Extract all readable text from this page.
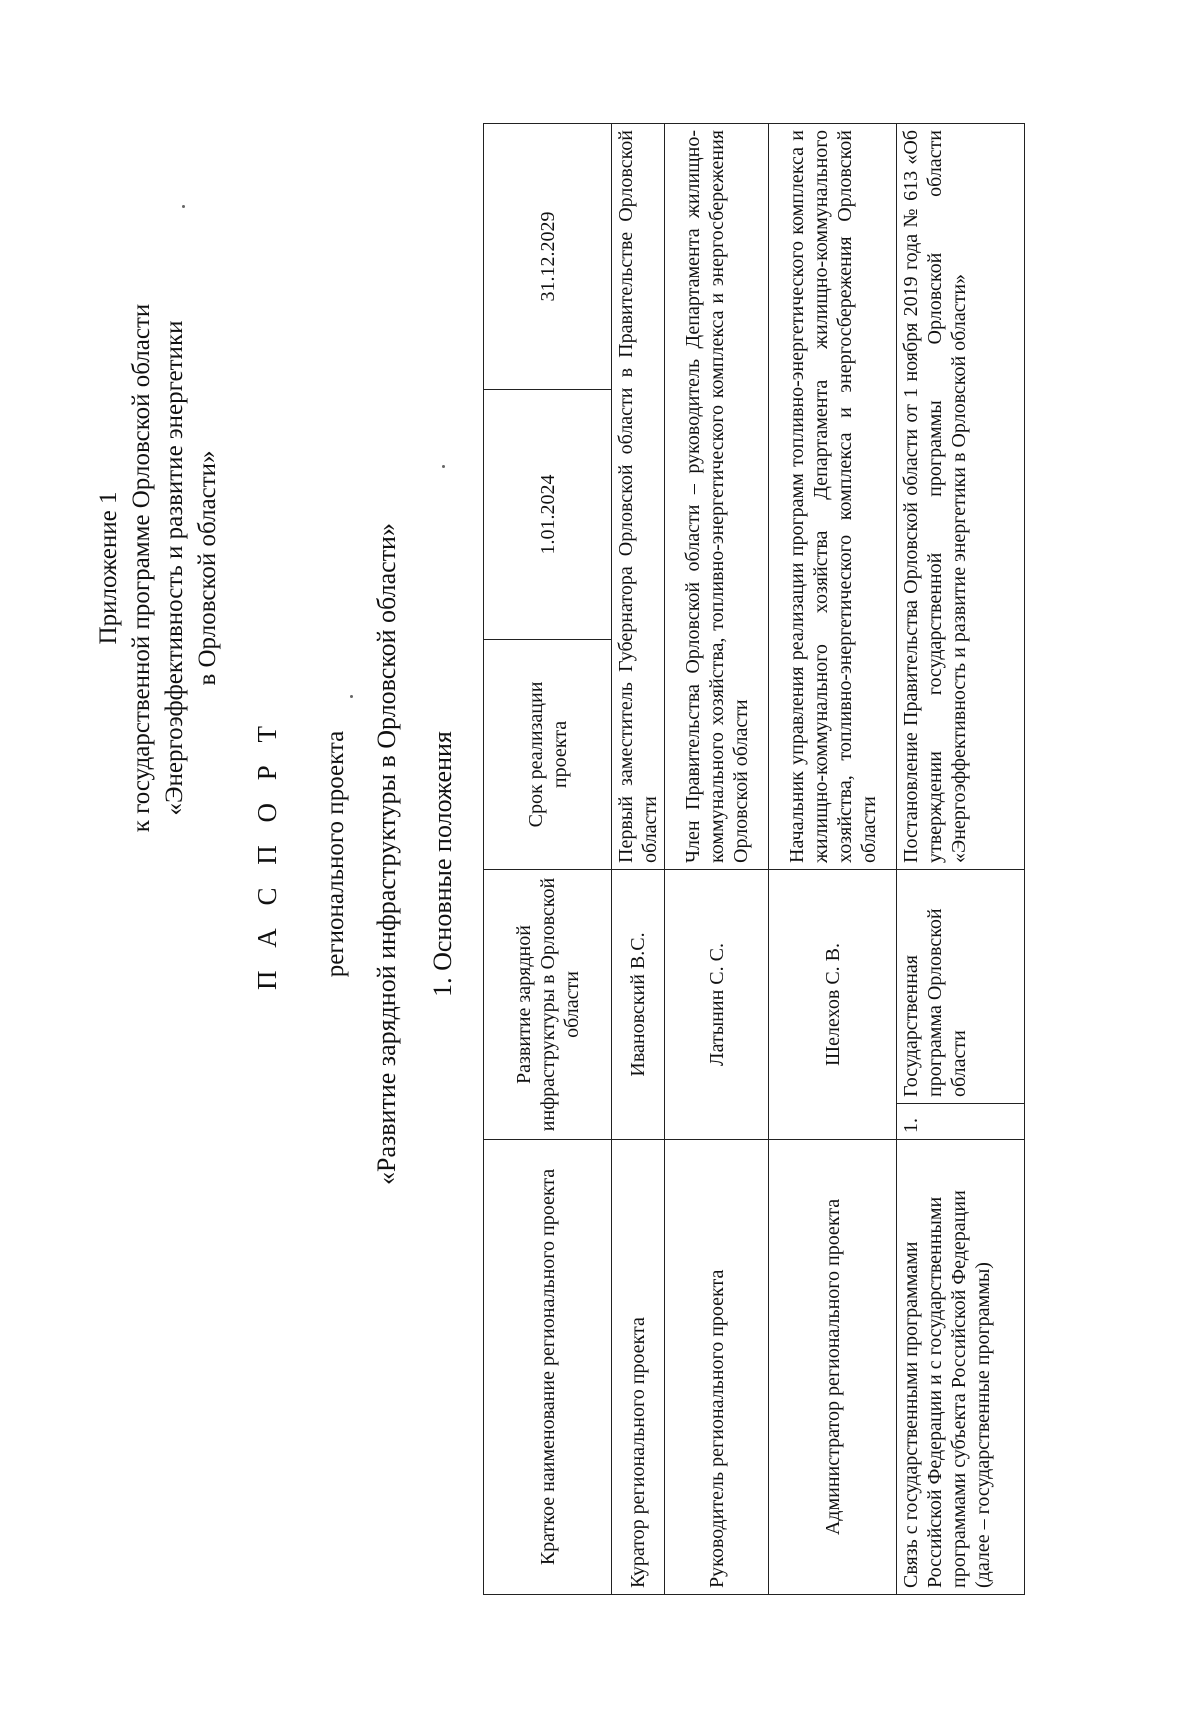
Приложение 1 к государственной программе Орловской области «Энергоэффективность и развитие энергетики в Орловской области»
П А С П О Р Т регионального проекта «Развитие зарядной инфраструктуры в Орловской области» 1. Основные положения
Краткое наименование регионального проекта	Развитие зарядной инфраструктуры в Орловской области		Срок реализации проекта	1.01.2024	31.12.2029
Куратор регионального проекта	Ивановский В.С.		Первый заместитель Губернатора Орловской области в Правительстве Орловской области		
Руководитель регионального проекта	Латынин С. С.		Член Правительства Орловской области – руководитель Департамента жилищно-коммунального хозяйства, топливно-энергетического комплекса и энергосбережения Орловской области		
Администратор регионального проекта	Шелехов С. В.		Начальник управления реализации программ топливно-энергетического комплекса и жилищно-коммунального хозяйства Департамента жилищно-коммунального хозяйства, топливно-энергетического комплекса и энергосбережения Орловской области		
Связь с государственными программами Российской Федерации и с государственными программами субъекта Российской Федерации (далее – государственные программы)	1.	Государственная программа Орловской области	Постановление Правительства Орловской области от 1 ноября 2019 года № 613 «Об утверждении государственной программы Орловской области «Энергоэффективность и развитие энергетики в Орловской области»		
